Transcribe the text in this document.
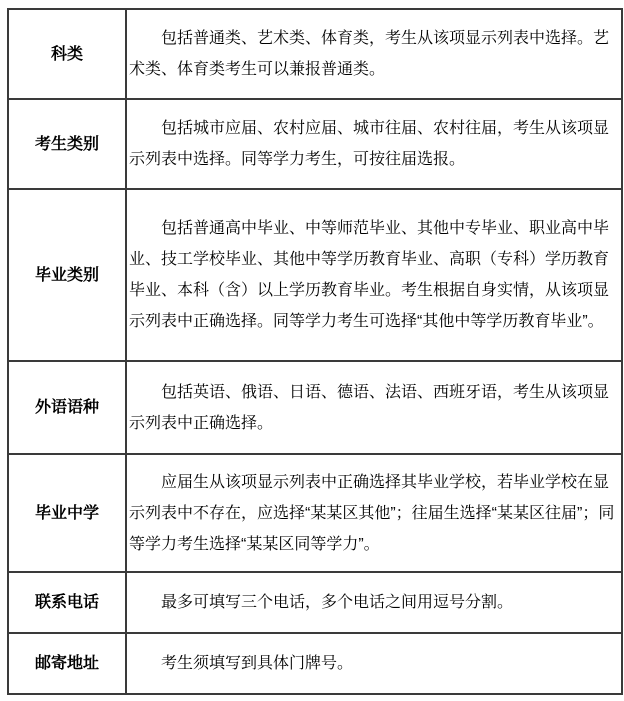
科类	包括普通类、艺术类、体育类，考生从该项显示列表中选择。艺术类、体育类考生可以兼报普通类。

考生类别	包括城市应届、农村应届、城市往届、农村往届，考生从该项显示列表中选择。同等学力考生，可按往届选报。

毕业类别	包括普通高中毕业、中等师范毕业、其他中专毕业、职业高中毕业、技工学校毕业、其他中等学历教育毕业、高职（专科）学历教育毕业、本科（含）以上学历教育毕业。考生根据自身实情，从该项显示列表中正确选择。同等学力考生可选择“其他中等学历教育毕业”。

外语语种	包括英语、俄语、日语、德语、法语、西班牙语，考生从该项显示列表中正确选择。

毕业中学	应届生从该项显示列表中正确选择其毕业学校，若毕业学校在显示列表中不存在，应选择“某某区其他”；往届生选择“某某区往届”；同等学力考生选择“某某区同等学力”。

联系电话	最多可填写三个电话，多个电话之间用逗号分割。

邮寄地址	考生须填写到具体门牌号。
